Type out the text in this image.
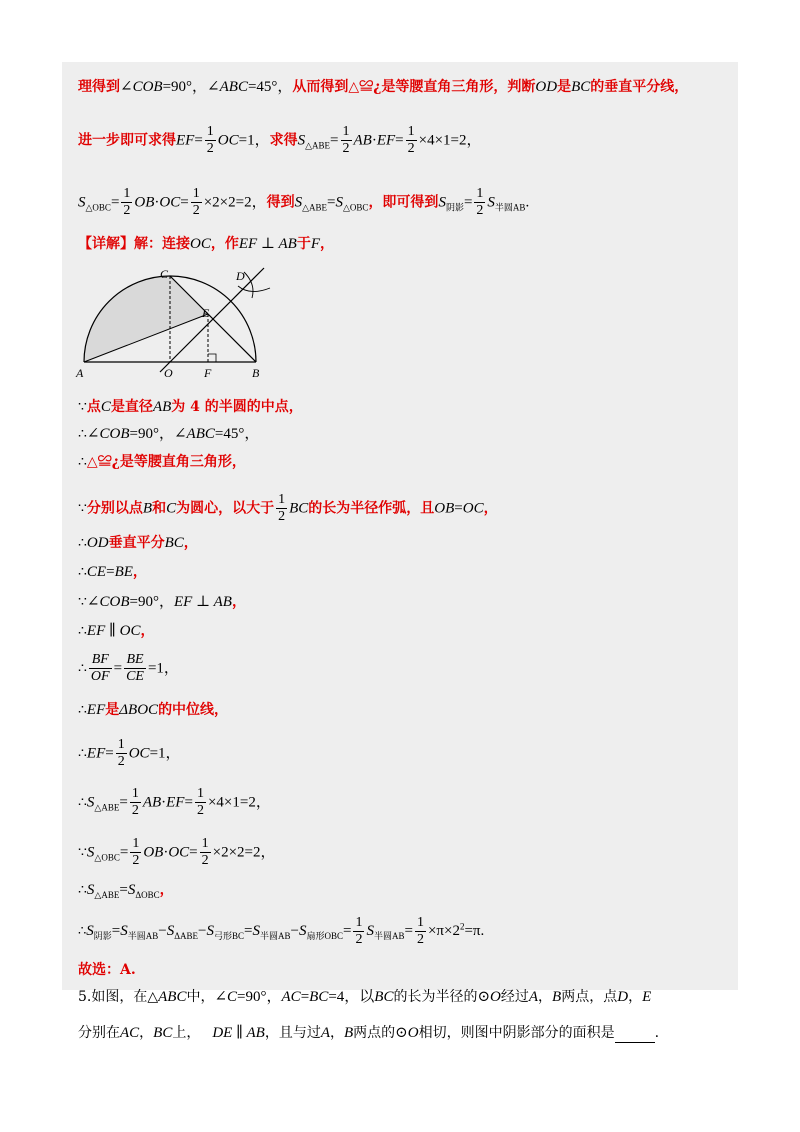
理得到∠COB=90°，∠ABC=45°，从而得到△≌¿是等腰直角三角形，判断OD是BC的垂直平分线，
进一步即可求得$EF= \frac{1}{2} OC=1$，求得$S_{\triangle ABE}= \frac{1}{2} AB\cdot EF= \frac{1}{2} \times 4\times 1=2$，
$S_{\triangle OBC}= \frac{1}{2} OB\cdot OC= \frac{1}{2} \times 2\times 2=2$，得到$S_{\triangle ABE}=S_{\triangle OBC}$，即可得到$S_{阴影}= \frac{1}{2} S_{半圆AB}$.
【详解】解：连接OC，作EF ⊥ AB于F，
C	D
E
A	O	F	B
∵点C是直径AB为 4 的半圆的中点，
∴∠COB=90°，∠ABC=45°，
∴△≌¿是等腰直角三角形，
∵分别以点B和C为圆心，以大于 $\frac{1}{2}$ BC的长为半径作弧，且OB=OC，
∴OD垂直平分BC，
∴CE=BE，
∵∠COB=90°，EF ⊥ AB，
∴EF ∥ OC，
∴ $\frac{BF}{OF} = \frac{BE}{CE} =1$，
∴EF是ΔBOC的中位线，
∴EF= $\frac{1}{2} OC=1$，
$\therefore S_{\triangle ABE}= \frac{1}{2} AB\cdot EF= \frac{1}{2} \times 4\times 1=2$，
$\because S_{\triangle OBC}= \frac{1}{2} OB\cdot OC= \frac{1}{2} \times 2\times 2=2$，
$\therefore S_{\triangle ABE}=S_{\Delta OBC}$，
$\therefore S_{阴影}=S_{半圆AB}-S_{\Delta ABE}-S_{弓形BC}=S_{半圆AB}-S_{扇形OBC}= \frac{1}{2} S_{半圆AB}= \frac{1}{2} \times\pi\times 2^2=\pi$.
故选：A.
5.如图，在△ABC中，∠C=90°，AC=BC=4，以BC的长为半径的⊙O经过A，B两点，点D，E
分别在AC，BC上， DE ∥ AB，且与过A，B两点的⊙O相切，则图中阴影部分的面积是	.
